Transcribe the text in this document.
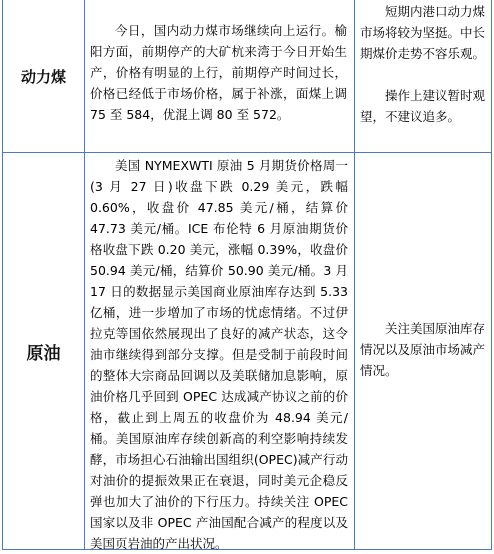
动力煤

今日，国内动力煤市场继续向上运行。榆阳方面，前期停产的大矿杭来湾于今日开始生产，价格有明显的上行，前期停产时间过长，价格已经低于市场价格，属于补涨，面煤上调 75 至 584，优混上调 80 至 572。

短期内港口动力煤市场将较为坚挺。中长期煤价走势不容乐观。

操作上建议暂时观望，不建议追多。

原油

美国 NYMEXWTI 原油 5 月期货价格周一(3 月 27 日)收盘下跌 0.29 美元，跌幅 0.60%，收盘价 47.85 美元/桶，结算价 47.73 美元/桶。ICE 布伦特 6 月原油期货价格收盘下跌 0.20 美元，涨幅 0.39%，收盘价 50.94 美元/桶，结算价 50.90 美元/桶。3 月 17 日的数据显示美国商业原油库存达到 5.33 亿桶，进一步增加了市场的忧虑情绪。不过伊拉克等国依然展现出了良好的减产状态，这令油市继续得到部分支撑。但是受制于前段时间的整体大宗商品回调以及美联储加息影响，原油价格几乎回到 OPEC 达成减产协议之前的价格，截止到上周五的收盘价为 48.94 美元/桶。美国原油库存续创新高的利空影响持续发酵，市场担心石油输出国组织(OPEC)减产行动对油价的提振效果正在衰退，同时美元企稳反弹也加大了油价的下行压力。持续关注 OPEC 国家以及非 OPEC 产油国配合减产的程度以及美国页岩油的产出状况。

关注美国原油库存情况以及原油市场减产情况。
